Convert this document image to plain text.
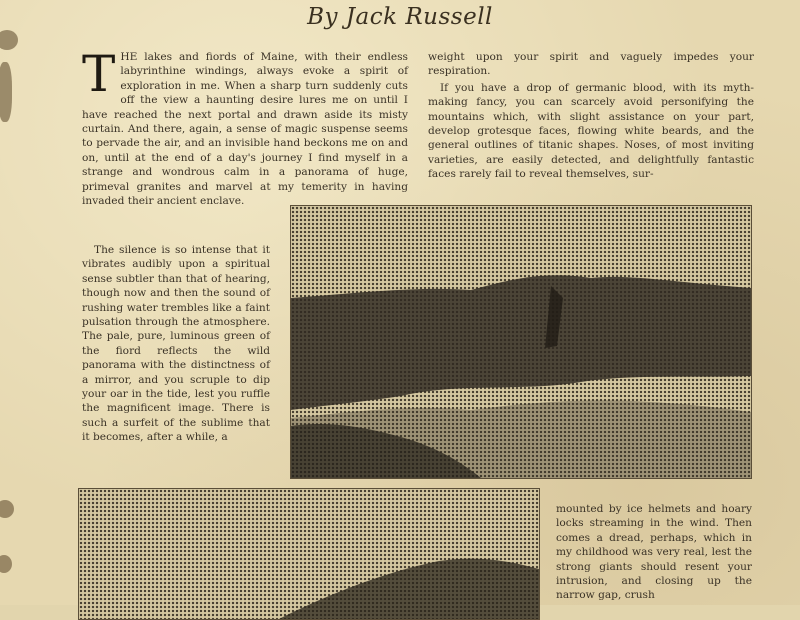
By Jack Russell

THE lakes and fiords of Maine, with their endless labyrinthine windings, always evoke a spirit of exploration in me. When a sharp turn suddenly cuts off the view a haunting desire lures me on until I have reached the next portal and drawn aside its misty curtain. And there, again, a sense of magic suspense seems to pervade the air, and an invisible hand beckons me on and on, until at the end of a day's journey I find myself in a strange and wondrous calm in a panorama of huge, primeval granites and marvel at my temerity in having invaded their ancient enclave.

The silence is so intense that it vibrates audibly upon a spiritual sense subtler than that of hearing, though now and then the sound of rushing water trembles like a faint pulsation through the atmosphere. The pale, pure, luminous green of the fiord reflects the wild panorama with the distinctness of a mirror, and you scruple to dip your oar in the tide, lest you ruffle the magnificent image. There is such a surfeit of the sublime that it becomes, after a while, a

weight upon your spirit and vaguely impedes your respiration.

If you have a drop of germanic blood, with its myth-making fancy, you can scarcely avoid personifying the mountains which, with slight assistance on your part, develop grotesque faces, flowing white beards, and the general outlines of titanic shapes. Noses, of most inviting varieties, are easily detected, and delightfully fantastic faces rarely fail to reveal themselves, sur-

mounted by ice helmets and hoary locks streaming in the wind. Then comes a dread, perhaps, which in my childhood was very real, lest the strong giants should resent your intrusion, and closing up the narrow gap, crush
